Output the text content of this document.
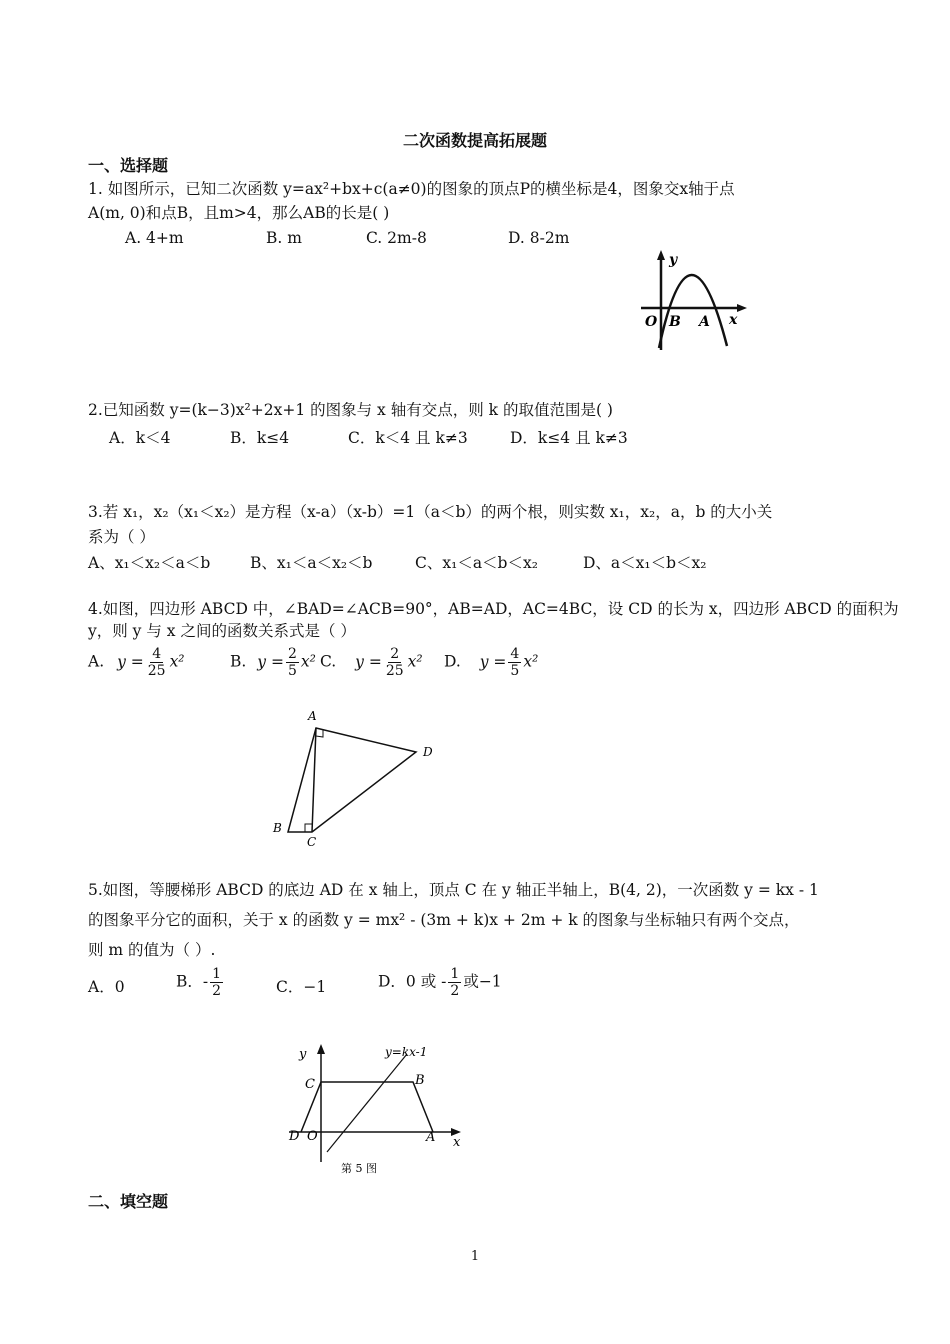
二次函数提高拓展题
一、选择题
1. 如图所示，已知二次函数 y=ax²+bx+c(a≠0)的图象的顶点P的横坐标是4，图象交x轴于点
A(m, 0)和点B，且m>4，那么AB的长是( )
A. 4+m	B. m	C. 2m-8	D. 8-2m
y
O B A x
2.已知函数 y=(k−3)x²+2x+1 的图象与 x 轴有交点，则 k 的取值范围是( )
A．k＜4	B．k≤4	C．k＜4 且 k≠3	D．k≤4 且 k≠3
3.若 x₁，x₂（x₁＜x₂）是方程（x-a）（x-b）=1（a＜b）的两个根，则实数 x₁，x₂，a，b 的大小关
系为（ ）
A、x₁＜x₂＜a＜b	B、x₁＜a＜x₂＜b	C、x₁＜a＜b＜x₂	D、a＜x₁＜b＜x₂
4.如图，四边形 ABCD 中，∠BAD=∠ACB=90°，AB=AD，AC=4BC，设 CD 的长为 x，四边形 ABCD 的面积为
y，则 y 与 x 之间的函数关系式是（ ）
A. $y = \frac{4}{25} x^2$	B. $y = \frac{2}{5} x^2$ C. $y = \frac{2}{25} x^2$ D. $y = \frac{4}{5} x^2$
A
D
B
C
5.如图，等腰梯形 ABCD 的底边 AD 在 x 轴上，顶点 C 在 y 轴正半轴上，B(4, 2)，一次函数 y = kx - 1
的图象平分它的面积，关于 x 的函数 y = mx² - (3m + k)x + 2m + k 的图象与坐标轴只有两个交点，
则 m 的值为（ ）.
A．0	B．- $\frac{1}{2}$	C．−1	D．0 或 - $\frac{1}{2}$ 或−1
y	y=kx-1
C	B
D O	A x
第 5 图
二、填空题
1
